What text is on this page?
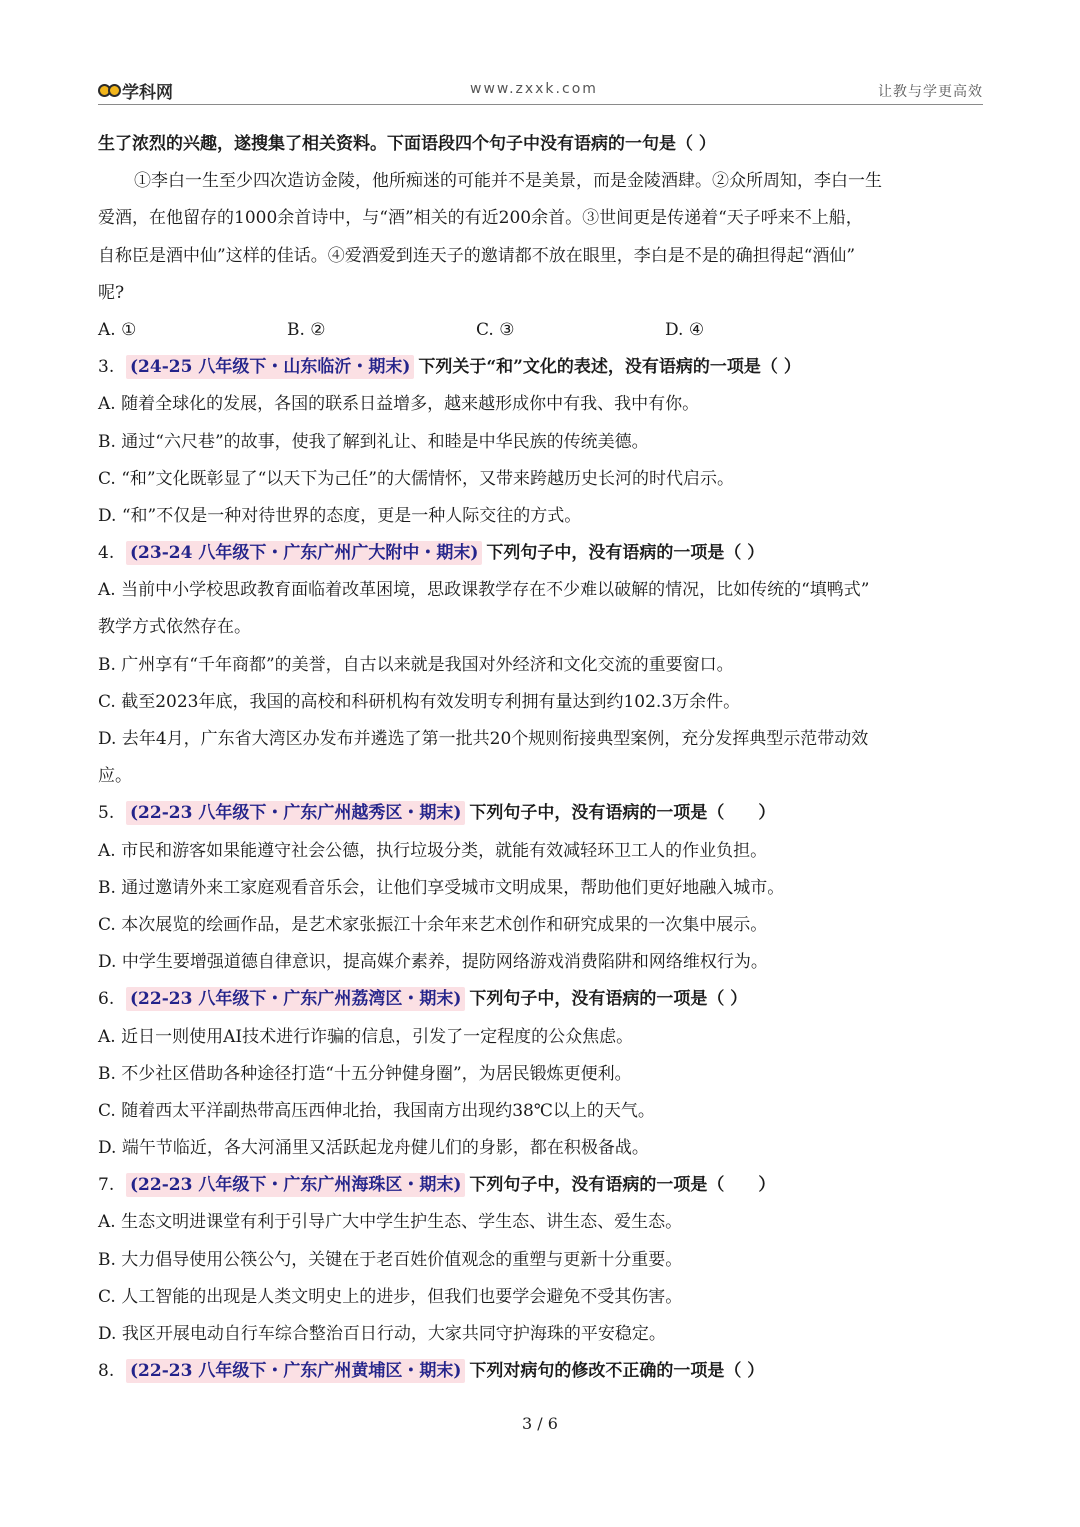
学科网	www.zxxk.com	让教与学更高效
生了浓烈的兴趣，遂搜集了相关资料。下面语段四个句子中没有语病的一句是（ ）
①李白一生至少四次造访金陵，他所痴迷的可能并不是美景，而是金陵酒肆。②众所周知，李白一生
爱酒，在他留存的1000余首诗中，与“酒”相关的有近200余首。③世间更是传递着“天子呼来不上船，
自称臣是酒中仙”这样的佳话。④爱酒爱到连天子的邀请都不放在眼里，李白是不是的确担得起“酒仙”
呢?
A. ①	B. ②	C. ③	D. ④
3. (24-25 八年级下・山东临沂・期末) 下列关于“和”文化的表述，没有语病的一项是（ ）
A. 随着全球化的发展，各国的联系日益增多，越来越形成你中有我、我中有你。
B. 通过“六尺巷”的故事，使我了解到礼让、和睦是中华民族的传统美德。
C. “和”文化既彰显了“以天下为己任”的大儒情怀，又带来跨越历史长河的时代启示。
D. “和”不仅是一种对待世界的态度，更是一种人际交往的方式。
4. (23-24 八年级下・广东广州广大附中・期末) 下列句子中，没有语病的一项是（ ）
A. 当前中小学校思政教育面临着改革困境，思政课教学存在不少难以破解的情况，比如传统的“填鸭式”
教学方式依然存在。
B. 广州享有“千年商都”的美誉，自古以来就是我国对外经济和文化交流的重要窗口。
C. 截至2023年底，我国的高校和科研机构有效发明专利拥有量达到约102.3万余件。
D. 去年4月，广东省大湾区办发布并遴选了第一批共20个规则衔接典型案例，充分发挥典型示范带动效
应。
5. (22-23 八年级下・广东广州越秀区・期末) 下列句子中，没有语病的一项是（　　）
A. 市民和游客如果能遵守社会公德，执行垃圾分类，就能有效减轻环卫工人的作业负担。
B. 通过邀请外来工家庭观看音乐会，让他们享受城市文明成果，帮助他们更好地融入城市。
C. 本次展览的绘画作品，是艺术家张振江十余年来艺术创作和研究成果的一次集中展示。
D. 中学生要增强道德自律意识，提高媒介素养，提防网络游戏消费陷阱和网络维权行为。
6. (22-23 八年级下・广东广州荔湾区・期末) 下列句子中，没有语病的一项是（ ）
A. 近日一则使用AI技术进行诈骗的信息，引发了一定程度的公众焦虑。
B. 不少社区借助各种途径打造“十五分钟健身圈”，为居民锻炼更便利。
C. 随着西太平洋副热带高压西伸北抬，我国南方出现约38℃以上的天气。
D. 端午节临近，各大河涌里又活跃起龙舟健儿们的身影，都在积极备战。
7. (22-23 八年级下・广东广州海珠区・期末) 下列句子中，没有语病的一项是（　　）
A. 生态文明进课堂有利于引导广大中学生护生态、学生态、讲生态、爱生态。
B. 大力倡导使用公筷公勺，关键在于老百姓价值观念的重塑与更新十分重要。
C. 人工智能的出现是人类文明史上的进步，但我们也要学会避免不受其伤害。
D. 我区开展电动自行车综合整治百日行动，大家共同守护海珠的平安稳定。
8. (22-23 八年级下・广东广州黄埔区・期末) 下列对病句的修改不正确的一项是（ ）
3 / 6
